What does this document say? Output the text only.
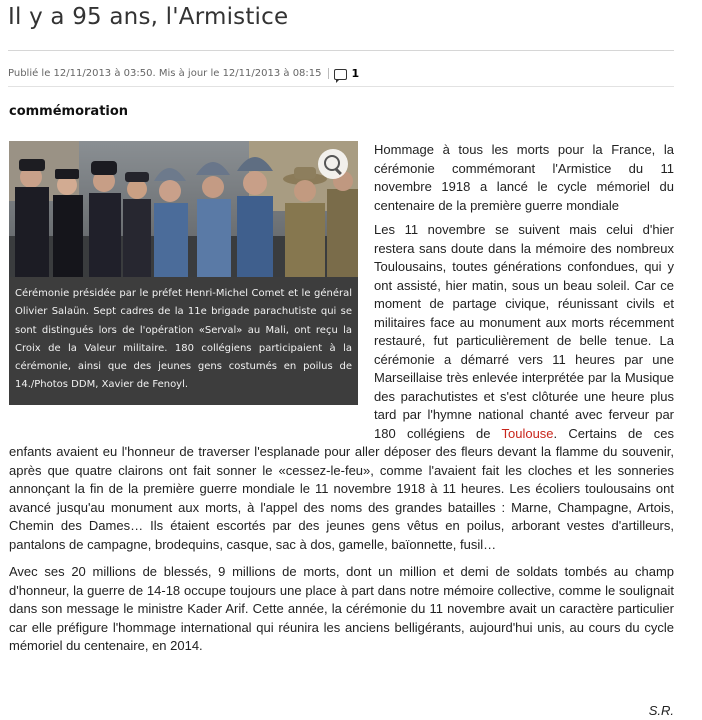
Il y a 95 ans, l'Armistice
Publié le 12/11/2013 à 03:50. Mis à jour le 12/11/2013 à 08:15	1
commémoration
Cérémonie présidée par le préfet Henri-Michel Comet et le général Olivier Salaün. Sept cadres de la 11e brigade parachutiste qui se sont distingués lors de l'opération «Serval» au Mali, ont reçu la Croix de la Valeur militaire. 180 collégiens participaient à la cérémonie, ainsi que des jeunes gens costumés en poilus de 14./Photos DDM, Xavier de Fenoyl.

Hommage à tous les morts pour la France, la cérémonie commémorant l'Armistice du 11 novembre 1918 a lancé le cycle mémoriel du centenaire de la première guerre mondiale

Les 11 novembre se suivent mais celui d'hier restera sans doute dans la mémoire des nombreux Toulousains, toutes générations confondues, qui y ont assisté, hier matin, sous un beau soleil. Car ce moment de partage civique, réunissant civils et militaires face au monument aux morts récemment restauré, fut particulièrement de belle tenue. La cérémonie a démarré vers 11 heures par une Marseillaise très enlevée interprétée par la Musique des parachutistes et s'est clôturée une heure plus tard par l'hymne national chanté avec ferveur par 180 collégiens de Toulouse. Certains de ces enfants avaient eu l'honneur de traverser l'esplanade pour aller déposer des fleurs devant la flamme du souvenir, après que quatre clairons ont fait sonner le «cessez-le-feu», comme l'avaient fait les cloches et les sonneries annonçant la fin de la première guerre mondiale le 11 novembre 1918 à 11 heures. Les écoliers toulousains ont avancé jusqu'au monument aux morts, à l'appel des noms des grandes batailles : Marne, Champagne, Artois, Chemin des Dames… Ils étaient escortés par des jeunes gens vêtus en poilus, arborant vestes d'artilleurs, pantalons de campagne, brodequins, casque, sac à dos, gamelle, baïonnette, fusil…

Avec ses 20 millions de blessés, 9 millions de morts, dont un million et demi de soldats tombés au champ d'honneur, la guerre de 14-18 occupe toujours une place à part dans notre mémoire collective, comme le soulignait dans son message le ministre Kader Arif. Cette année, la cérémonie du 11 novembre avait un caractère particulier car elle préfigure l'hommage international qui réunira les anciens belligérants, aujourd'hui unis, au cours du cycle mémoriel du centenaire, en 2014.

S.R.
